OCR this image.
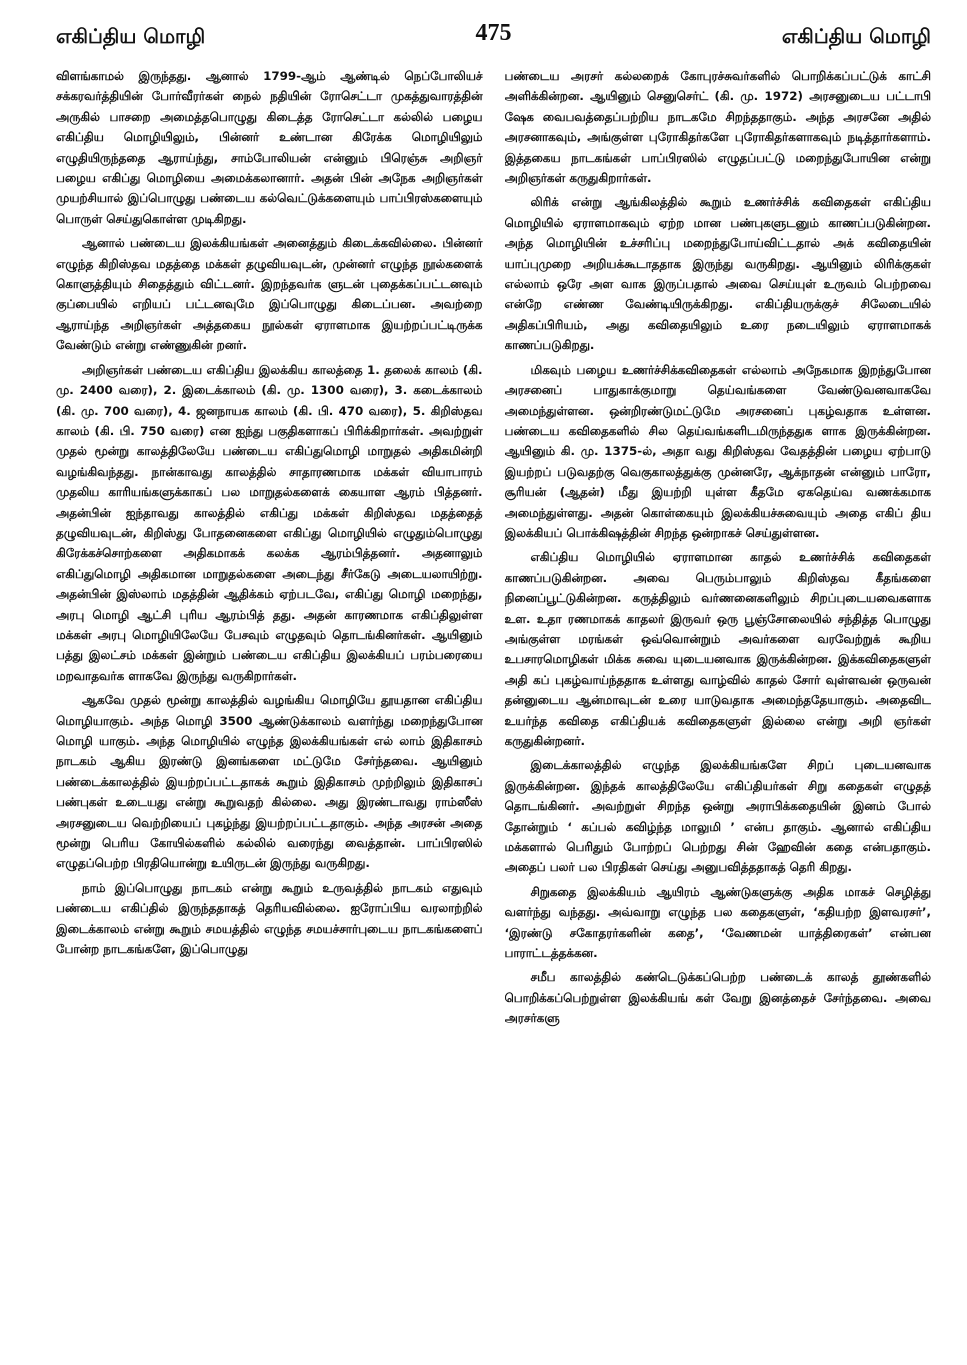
எகிப்திய மொழி	475	எகிப்திய மொழி

விளங்காமல் இருந்தது. ஆனால் 1799-ஆம் ஆண்டில் நெப்போலியச் சக்கரவர்த்தியின் போர்வீரர்கள் நைல் நதியின் ரோசெட்டா முகத்துவாரத்தின் அருகில் பாசறை அமைத்தபொழுது கிடைத்த ரோசெட்டா கல்லில் பழைய எகிப்திய மொழியிலும், பின்னர் உண்டான கிரேக்க மொழியிலும் எழுதியிருந்ததை ஆராய்ந்து, சாம்போலியன் என்னும் பிரெஞ்சு அறிஞர் பழைய எகிப்து மொழியை அமைக்கலானார். அதன் பின் அநேக அறிஞர்கள் முயற்சியால் இப்பொழுது பண்டைய கல்வெட்டுக்களையும் பாப்பிரஸ்களையும் பொருள் செய்துகொள்ள முடிகிறது.

ஆனால் பண்டைய இலக்கியங்கள் அனைத்தும் கிடைக்கவில்லை. பின்னர் எழுந்த கிறிஸ்தவ மதத்தை மக்கள் தழுவியவுடன், முன்னர் எழுந்த நூல்களைக் கொளுத்தியும் சிதைத்தும் விட்டனர். இறந்தவர்க ளுடன் புதைக்கப்பட்டனவும் குப்பையில் எறியப் பட்டனவுமே இப்பொழுது கிடைப்பன. அவற்றை ஆராய்ந்த அறிஞர்கள் அத்தகைய நூல்கள் ஏராளமாக இயற்றப்பட்டிருக்க வேண்டும் என்று எண்ணுகின் றனர்.

அறிஞர்கள் பண்டைய எகிப்திய இலக்கிய காலத்தை 1. தலைக் காலம் (கி. மு. 2400 வரை), 2. இடைக்காலம் (கி. மு. 1300 வரை), 3. கடைக்காலம் (கி. மு. 700 வரை), 4. ஜனநாயக காலம் (கி. பி. 470 வரை), 5. கிறிஸ்தவ காலம் (கி. பி. 750 வரை) என ஐந்து பகுதிகளாகப் பிரிக்கிறார்கள். அவற்றுள் முதல் மூன்று காலத்திலேயே பண்டைய எகிப்துமொழி மாறுதல் அதிகமின்றி வழங்கிவந்தது. நான்காவது காலத்தில் சாதாரணமாக மக்கள் வியாபாரம் முதலிய காரியங்களுக்காகப் பல மாறுதல்களைக் கையாள ஆரம் பித்தனர். அதன்பின் ஐந்தாவது காலத்தில் எகிப்து மக்கள் கிறிஸ்தவ மதத்தைத் தழுவியவுடன், கிறிஸ்து போதனைகளை எகிப்து மொழியில் எழுதும்பொழுது கிரேக்கச்சொற்களை அதிகமாகக் கலக்க ஆரம்பித்தனர். அதனாலும் எகிப்துமொழி அதிகமான மாறுதல்களை அடைந்து சீர்கேடு அடையலாயிற்று. அதன்பின் இஸ்லாம் மதத்தின் ஆதிக்கம் ஏற்படவே, எகிப்து மொழி மறைந்து, அரபு மொழி ஆட்சி புரிய ஆரம்பித் தது. அதன் காரணமாக எகிப்திலுள்ள மக்கள் அரபு மொழியிலேயே பேசவும் எழுதவும் தொடங்கினர்கள். ஆயினும் பத்து இலட்சம் மக்கள் இன்றும் பண்டைய எகிப்திய இலக்கியப் பரம்பரையை மறவாதவர்க ளாகவே இருந்து வருகிறார்கள்.

ஆகவே முதல் மூன்று காலத்தில் வழங்கிய மொழியே தூயதான எகிப்திய மொழியாகும். அந்த மொழி 3500 ஆண்டுக்காலம் வளர்ந்து மறைந்துபோன மொழி யாகும். அந்த மொழியில் எழுந்த இலக்கியங்கள் எல் லாம் இதிகாசம் நாடகம் ஆகிய இரண்டு இனங்களை மட்டுமே சேர்ந்தவை. ஆயினும் பண்டைக்காலத்தில் இயற்றப்பட்டதாகக் கூறும் இதிகாசம் முற்றிலும் இதிகாசப் பண்புகள் உடையது என்று கூறுவதற் கில்லை. அது இரண்டாவது ராம்ஸீஸ் அரசனுடைய வெற்றியைப் புகழ்ந்து இயற்றப்பட்டதாகும். அந்த அரசன் அதை மூன்று பெரிய கோயில்களில் கல்லில் வரைந்து வைத்தான். பாப்பிரஸில் எழுதப்பெற்ற பிரதியொன்று உயிருடன் இருந்து வருகிறது.

நாம் இப்பொழுது நாடகம் என்று கூறும் உருவத்தில் நாடகம் எதுவும் பண்டைய எகிப்தில் இருந்ததாகத் தெரியவில்லை. ஐரோப்பிய வரலாற்றில் இடைக்காலம் என்று கூறும் சமயத்தில் எழுந்த சமயச்சார்புடைய நாடகங்களைப் போன்ற நாடகங்களே, இப்பொழுது

பண்டைய அரசர் கல்லறைக் கோபுரச்சுவர்களில் பொறிக்கப்பட்டுக் காட்சி அளிக்கின்றன. ஆயினும் செனுசெர்ட் (கி. மு. 1972) அரசனுடைய பட்டாபி ஷேக வைபவத்தைப்பற்றிய நாடகமே சிறந்ததாகும். அந்த அரசனே அதில் அரசனாகவும், அங்குள்ள புரோகிதர்களே புரோகிதர்களாகவும் நடித்தார்களாம். இத்தகைய நாடகங்கள் பாப்பிரஸில் எழுதப்பட்டு மறைந்துபோயின என்று அறிஞர்கள் கருதுகிறார்கள்.

லிரிக் என்று ஆங்கிலத்தில் கூறும் உணர்ச்சிக் கவிதைகள் எகிப்திய மொழியில் ஏராளமாகவும் ஏற்ற மான பண்புகளுடனும் காணப்படுகின்றன. அந்த மொழியின் உச்சரிப்பு மறைந்துபோய்விட்டதால் அக் கவிதையின் யாப்புமுறை அறியக்கூடாததாக இருந்து வருகிறது. ஆயினும் லிரிக்குகள் எல்லாம் ஒரே அள வாக இருப்பதால் அவை செய்யுள் உருவம் பெற்றவை என்றே எண்ண வேண்டியிருக்கிறது. எகிப்தியருக்குச் சிலேடையில் அதிகப்பிரியம், அது கவிதையிலும் உரை நடையிலும் ஏராளமாகக் காணப்படுகிறது.

மிகவும் பழைய உணர்ச்சிக்கவிதைகள் எல்லாம் அநேகமாக இறந்துபோன அரசனைப் பாதுகாக்குமாறு தெய்வங்களை வேண்டுவனவாகவே அமைந்துள்ளன. ஒன்றிரண்டுமட்டுமே அரசனைப் புகழ்வதாக உள்ளன. பண்டைய கவிதைகளில் சில தெய்வங்களிடமிருந்ததுக ளாக இருக்கின்றன. ஆயினும் கி. மு. 1375-ல், அதா வது கிறிஸ்தவ வேதத்தின் பழைய ஏற்பாடு இயற்றப் படுவதற்கு வெகுகாலத்துக்கு முன்னரே, ஆக்நாதன் என்னும் பாரோ, சூரியன் (ஆதன்) மீது இயற்றி யுள்ள கீதமே ஏகதெய்வ வணக்கமாக அமைந்துள்ளது. அதன் கொள்கையும் இலக்கியச்சுவையும் அதை எகிப் திய இலக்கியப் பொக்கிஷத்தின் சிறந்த ஒன்றாகச் செய்துள்ளன.

எகிப்திய மொழியில் ஏராளமான காதல் உணர்ச்சிக் கவிதைகள் காணப்படுகின்றன. அவை பெரும்பாலும் கிறிஸ்தவ கீதங்களை நினைப்பூட்டுகின்றன. கருத்திலும் வர்ணனைகளிலும் சிறப்புடையவைகளாக உள. உதா ரணமாகக் காதலர் இருவர் ஒரு பூஞ்சோலையில் சந்தித்த பொழுது அங்குள்ள மரங்கள் ஒவ்வொன்றும் அவர்களை வரவேற்றுக் கூறிய உபசாரமொழிகள் மிக்க சுவை யுடையனவாக இருக்கின்றன. இக்கவிதைகளுள் அதி கப் புகழ்வாய்ந்ததாக உள்ளது வாழ்வில் காதல் சோர் வுள்ளவன் ஒருவன் தன்னுடைய ஆன்மாவுடன் உரை யாடுவதாக அமைந்ததேயாகும். அதைவிட உயர்ந்த கவிதை எகிப்தியக் கவிதைகளுள் இல்லை என்று அறி ஞர்கள் கருதுகின்றனர்.

இடைக்காலத்தில் எழுந்த இலக்கியங்களே சிறப் புடையனவாக இருக்கின்றன. இந்தக் காலத்திலேயே எகிப்தியர்கள் சிறு கதைகள் எழுதத் தொடங்கினர். அவற்றுள் சிறந்த ஒன்று அராபிக்கதையின் இனம் போல் தோன்றும் ‘ கப்பல் கவிழ்ந்த மாலுமி ’ என்ப தாகும். ஆனால் எகிப்திய மக்களால் பெரிதும் போற்றப் பெற்றது சின் ஹேவின் கதை என்பதாகும். அதைப் பலர் பல பிரதிகள் செய்து அனுபவித்ததாகத் தெரி கிறது.

சிறுகதை இலக்கியம் ஆயிரம் ஆண்டுகளுக்கு அதிக மாகச் செழித்து வளர்ந்து வந்தது. அவ்வாறு எழுந்த பல கதைகளுள், ‘கதியற்ற இளவரசர்’, ‘இரண்டு சகோதரர்களின் கதை’, ‘வேணமன் யாத்திரைகள்’ என்பன பாராட்டத்தக்கன.

சமீப காலத்தில் கண்டெடுக்கப்பெற்ற பண்டைக் காலத் தூண்களில் பொறிக்கப்பெற்றுள்ள இலக்கியங் கள் வேறு இனத்தைச் சேர்ந்தவை. அவை அரசர்களு
